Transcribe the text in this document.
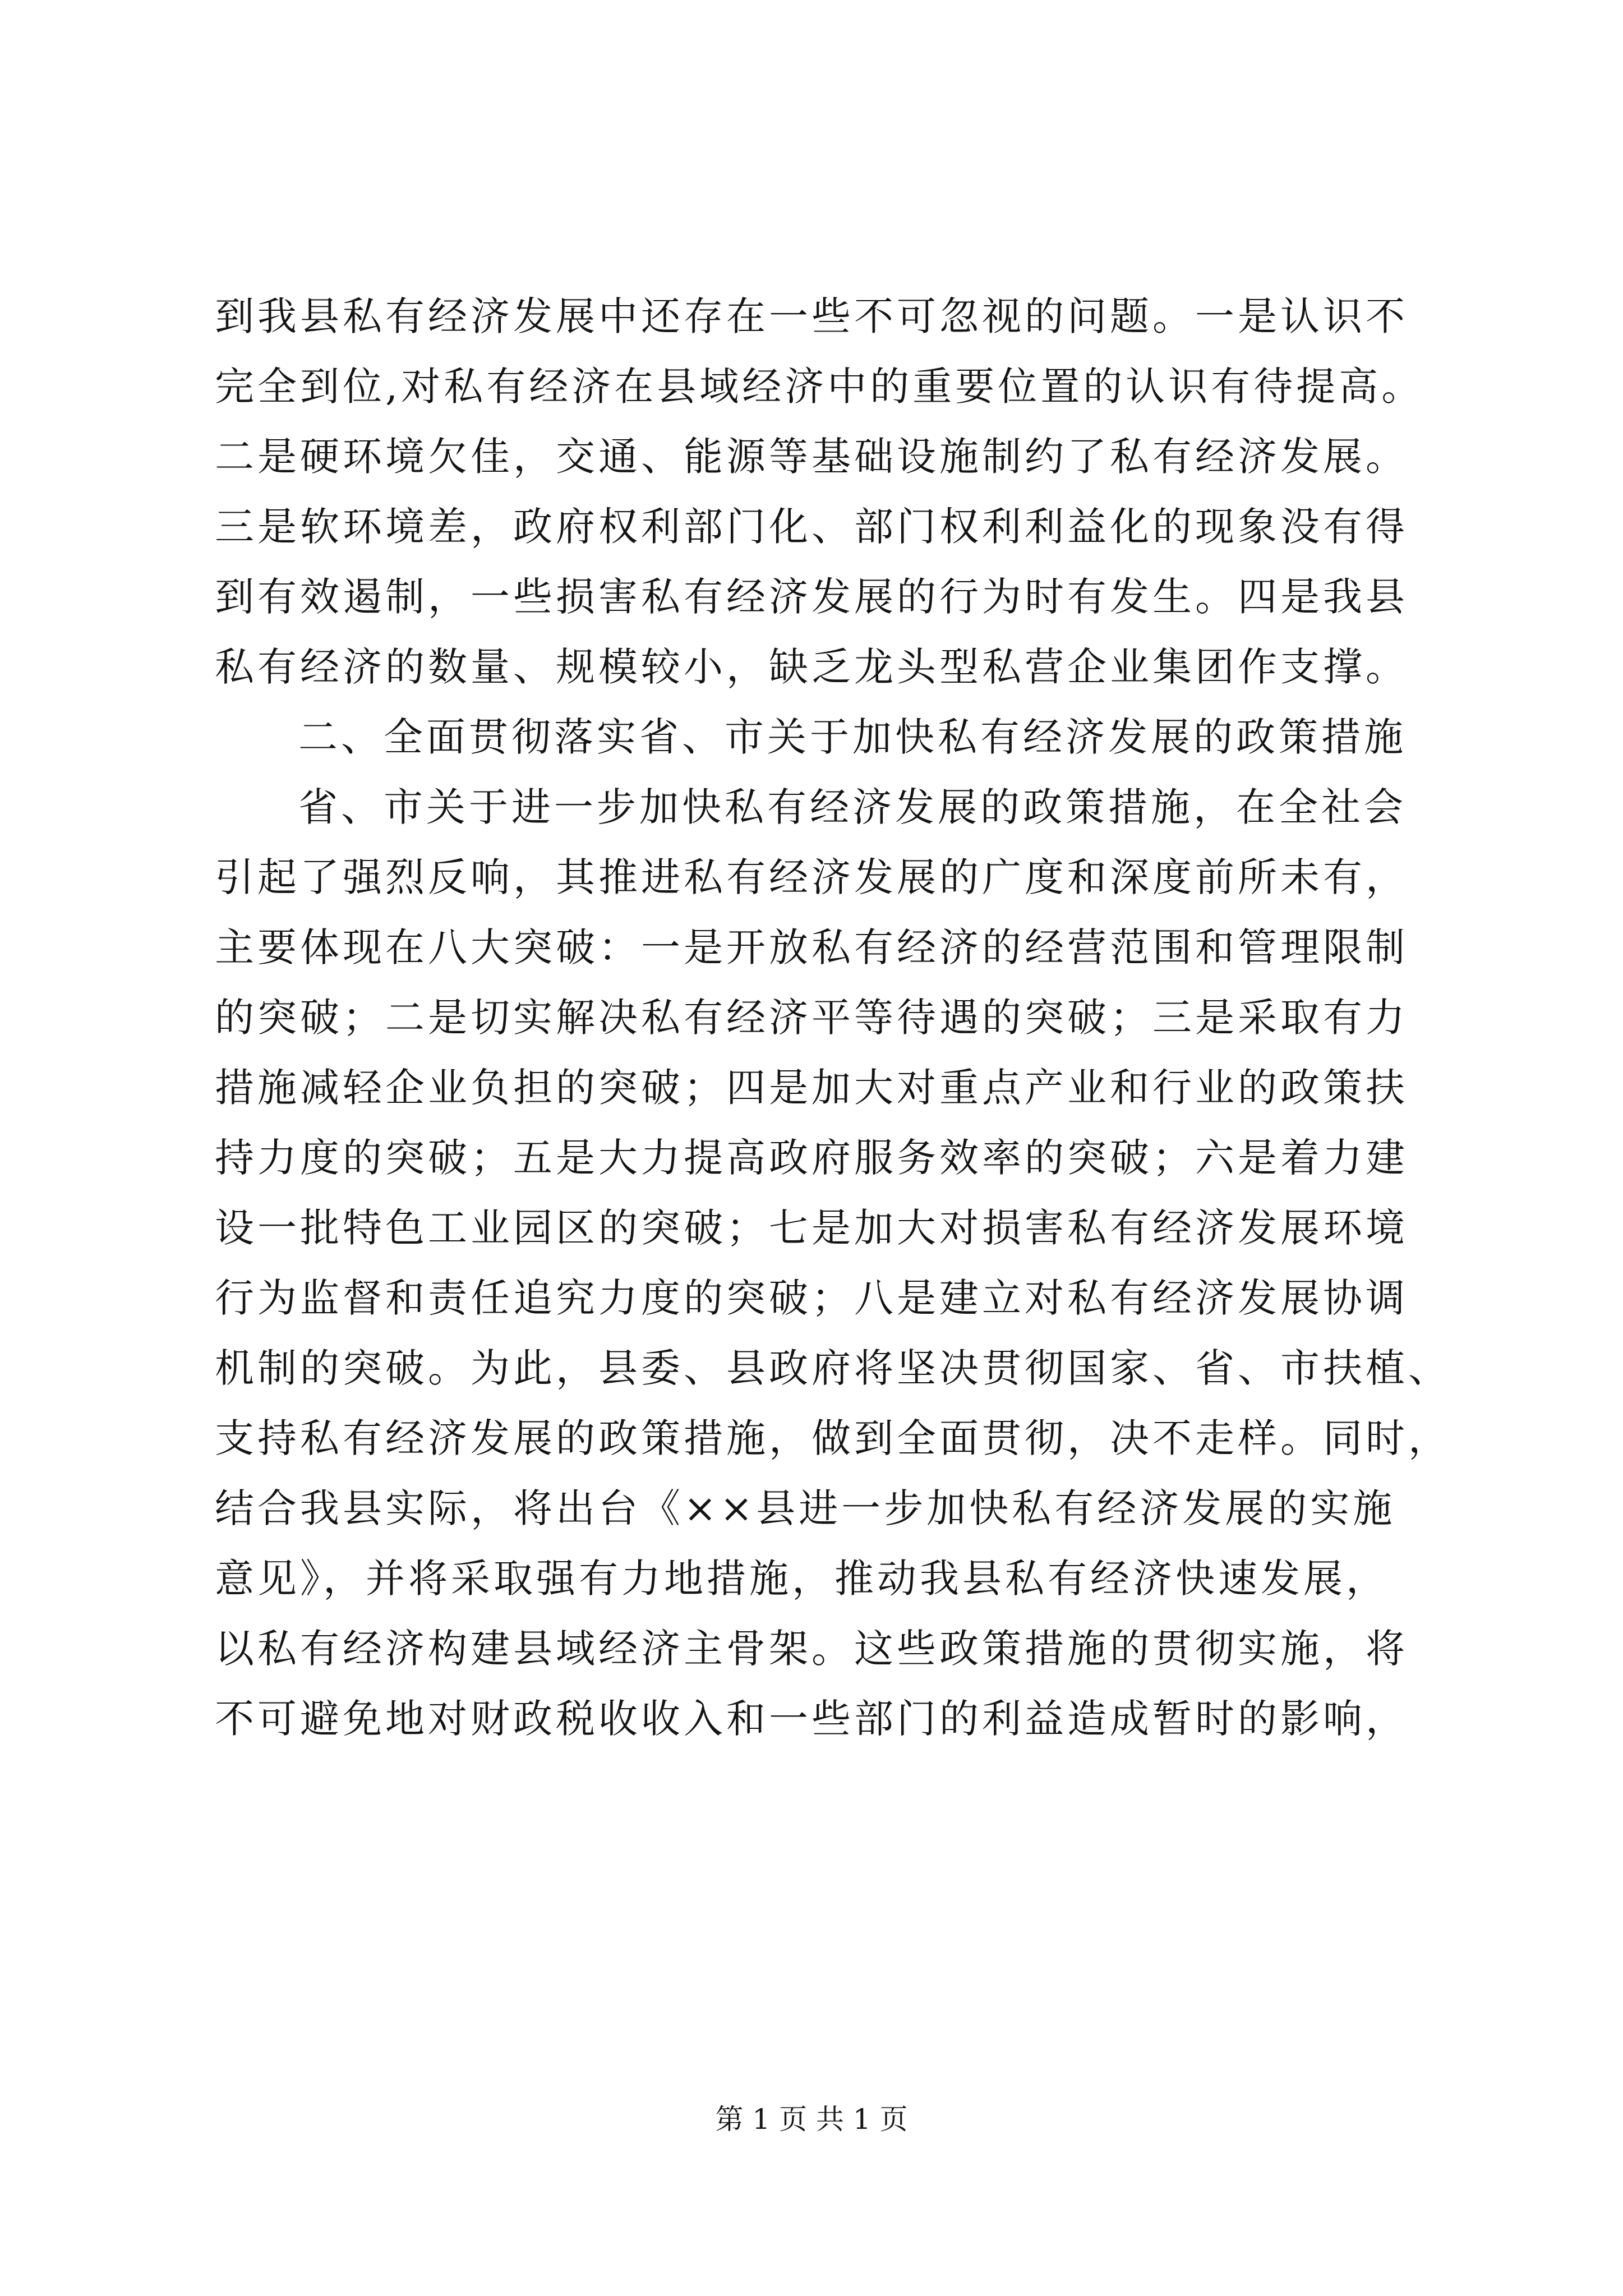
到我县私有经济发展中还存在一些不可忽视的问题。一是认识不
完全到位,对私有经济在县域经济中的重要位置的认识有待提高。
二是硬环境欠佳，交通、能源等基础设施制约了私有经济发展。
三是软环境差，政府权利部门化、部门权利利益化的现象没有得
到有效遏制，一些损害私有经济发展的行为时有发生。四是我县
私有经济的数量、规模较小，缺乏龙头型私营企业集团作支撑。
二、全面贯彻落实省、市关于加快私有经济发展的政策措施
省、市关于进一步加快私有经济发展的政策措施，在全社会
引起了强烈反响，其推进私有经济发展的广度和深度前所未有，
主要体现在八大突破：一是开放私有经济的经营范围和管理限制
的突破；二是切实解决私有经济平等待遇的突破；三是采取有力
措施减轻企业负担的突破；四是加大对重点产业和行业的政策扶
持力度的突破；五是大力提高政府服务效率的突破；六是着力建
设一批特色工业园区的突破；七是加大对损害私有经济发展环境
行为监督和责任追究力度的突破；八是建立对私有经济发展协调
机制的突破。为此，县委、县政府将坚决贯彻国家、省、市扶植、
支持私有经济发展的政策措施，做到全面贯彻，决不走样。同时，
结合我县实际，将出台《××县进一步加快私有经济发展的实施
意见》，并将采取强有力地措施，推动我县私有经济快速发展，
以私有经济构建县域经济主骨架。这些政策措施的贯彻实施，将
不可避免地对财政税收收入和一些部门的利益造成暂时的影响，
第 1 页 共 1 页
